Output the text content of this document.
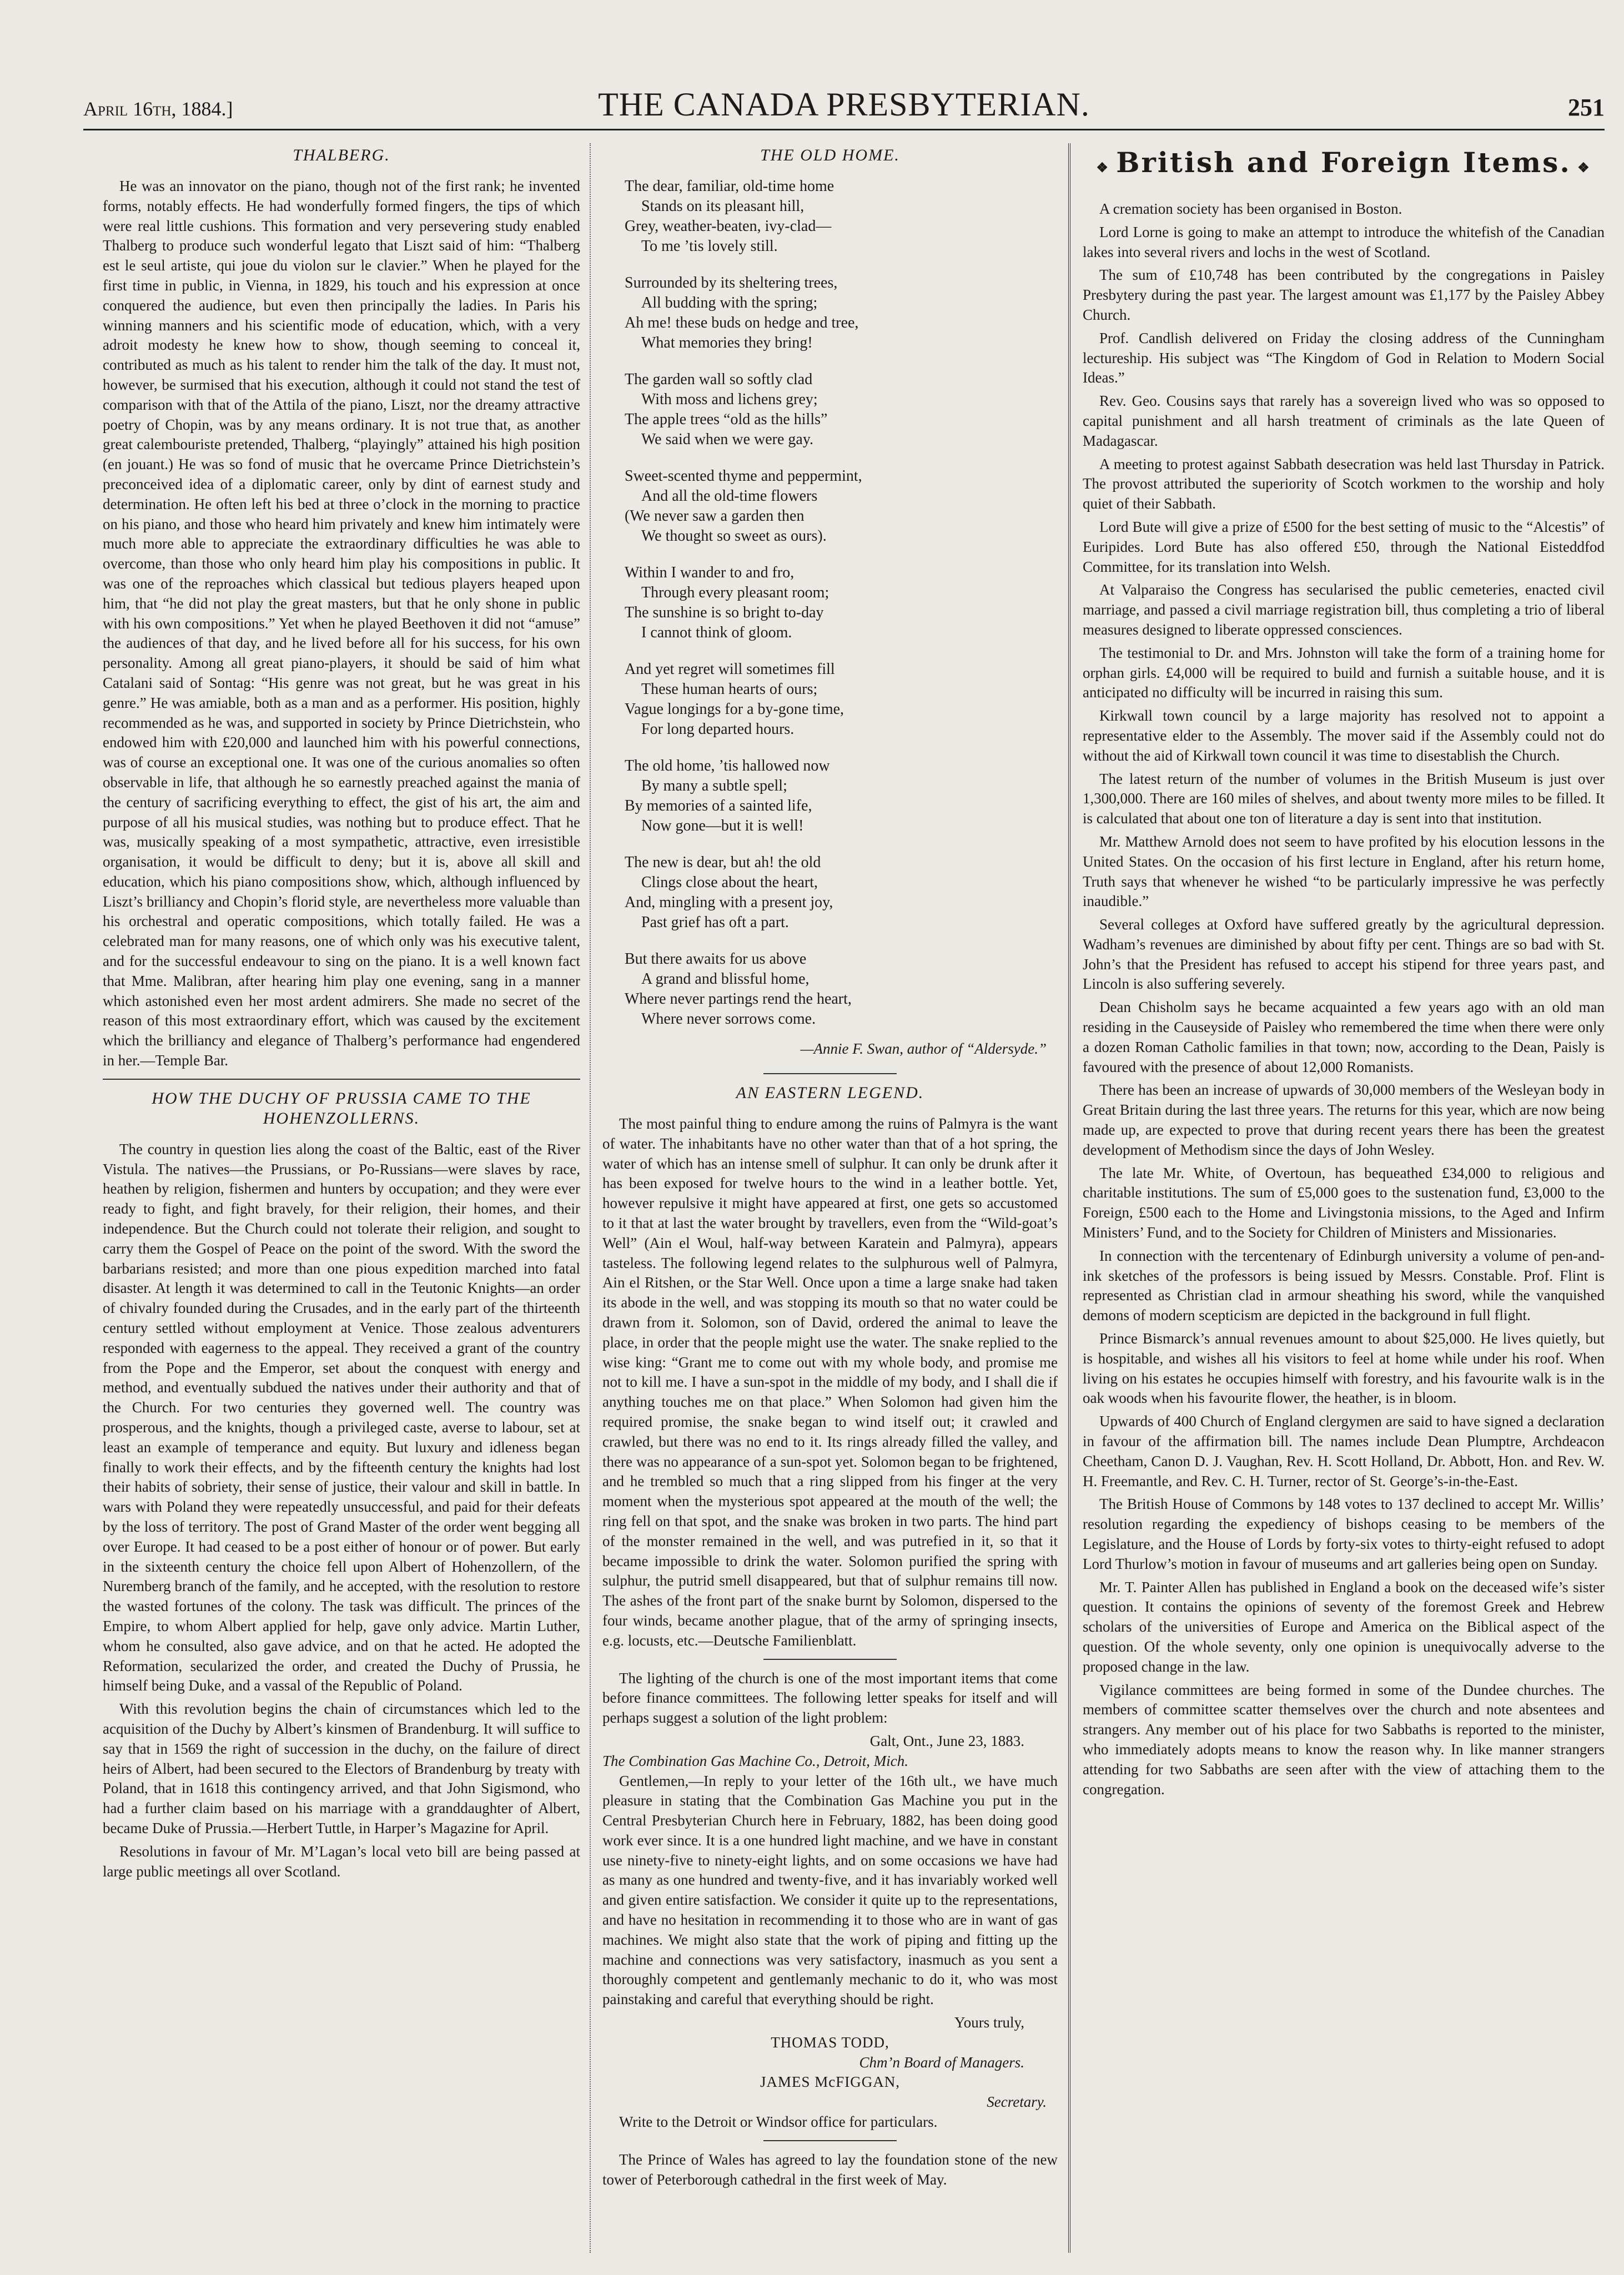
April 16th, 1884.]	THE CANADA PRESBYTERIAN.	251
THALBERG.

He was an innovator on the piano, though not of the first rank; he invented forms, notably effects. He had wonderfully formed fingers, the tips of which were real little cushions. This formation and very persevering study enabled Thalberg to produce such wonderful legato that Liszt said of him: “Thalberg est le seul artiste, qui joue du violon sur le clavier.” When he played for the first time in public, in Vienna, in 1829, his touch and his expression at once conquered the audience, but even then principally the ladies. In Paris his winning manners and his scientific mode of education, which, with a very adroit modesty he knew how to show, though seeming to conceal it, contributed as much as his talent to render him the talk of the day. It must not, however, be surmised that his execution, although it could not stand the test of comparison with that of the Attila of the piano, Liszt, nor the dreamy attractive poetry of Chopin, was by any means ordinary. It is not true that, as another great calembouriste pretended, Thalberg, “playingly” attained his high position (en jouant.) He was so fond of music that he overcame Prince Dietrichstein’s preconceived idea of a diplomatic career, only by dint of earnest study and determination. He often left his bed at three o’clock in the morning to practice on his piano, and those who heard him privately and knew him intimately were much more able to appreciate the extraordinary difficulties he was able to overcome, than those who only heard him play his compositions in public. It was one of the reproaches which classical but tedious players heaped upon him, that “he did not play the great masters, but that he only shone in public with his own compositions.” Yet when he played Beethoven it did not “amuse” the audiences of that day, and he lived before all for his success, for his own personality. Among all great piano-players, it should be said of him what Catalani said of Sontag: “His genre was not great, but he was great in his genre.” He was amiable, both as a man and as a performer. His position, highly recommended as he was, and supported in society by Prince Dietrichstein, who endowed him with £20,000 and launched him with his powerful connections, was of course an exceptional one. It was one of the curious anomalies so often observable in life, that although he so earnestly preached against the mania of the century of sacrificing everything to effect, the gist of his art, the aim and purpose of all his musical studies, was nothing but to produce effect. That he was, musically speaking of a most sympathetic, attractive, even irresistible organisation, it would be difficult to deny; but it is, above all skill and education, which his piano compositions show, which, although influenced by Liszt’s brilliancy and Chopin’s florid style, are nevertheless more valuable than his orchestral and operatic compositions, which totally failed. He was a celebrated man for many reasons, one of which only was his executive talent, and for the successful endeavour to sing on the piano. It is a well known fact that Mme. Malibran, after hearing him play one evening, sang in a manner which astonished even her most ardent admirers. She made no secret of the reason of this most extraordinary effort, which was caused by the excitement which the brilliancy and elegance of Thalberg’s performance had engendered in her.—Temple Bar.

HOW THE DUCHY OF PRUSSIA CAME TO THE HOHENZOLLERNS.

The country in question lies along the coast of the Baltic, east of the River Vistula. The natives—the Prussians, or Po-Russians—were slaves by race, heathen by religion, fishermen and hunters by occupation; and they were ever ready to fight, and fight bravely, for their religion, their homes, and their independence. But the Church could not tolerate their religion, and sought to carry them the Gospel of Peace on the point of the sword. With the sword the barbarians resisted; and more than one pious expedition marched into fatal disaster. At length it was determined to call in the Teutonic Knights—an order of chivalry founded during the Crusades, and in the early part of the thirteenth century settled without employment at Venice. Those zealous adventurers responded with eagerness to the appeal. They received a grant of the country from the Pope and the Emperor, set about the conquest with energy and method, and eventually subdued the natives under their authority and that of the Church. For two centuries they governed well. The country was prosperous, and the knights, though a privileged caste, averse to labour, set at least an example of temperance and equity. But luxury and idleness began finally to work their effects, and by the fifteenth century the knights had lost their habits of sobriety, their sense of justice, their valour and skill in battle. In wars with Poland they were repeatedly unsuccessful, and paid for their defeats by the loss of territory. The post of Grand Master of the order went begging all over Europe. It had ceased to be a post either of honour or of power. But early in the sixteenth century the choice fell upon Albert of Hohenzollern, of the Nuremberg branch of the family, and he accepted, with the resolution to restore the wasted fortunes of the colony. The task was difficult. The princes of the Empire, to whom Albert applied for help, gave only advice. Martin Luther, whom he consulted, also gave advice, and on that he acted. He adopted the Reformation, secularized the order, and created the Duchy of Prussia, he himself being Duke, and a vassal of the Republic of Poland.

With this revolution begins the chain of circumstances which led to the acquisition of the Duchy by Albert’s kinsmen of Brandenburg. It will suffice to say that in 1569 the right of succession in the duchy, on the failure of direct heirs of Albert, had been secured to the Electors of Brandenburg by treaty with Poland, that in 1618 this contingency arrived, and that John Sigismond, who had a further claim based on his marriage with a granddaughter of Albert, became Duke of Prussia.—Herbert Tuttle, in Harper’s Magazine for April.

Resolutions in favour of Mr. M’Lagan’s local veto bill are being passed at large public meetings all over Scotland.

THE OLD HOME.
The dear, familiar, old-time home
Stands on its pleasant hill,
Grey, weather-beaten, ivy-clad—
To me ’tis lovely still.
Surrounded by its sheltering trees,
All budding with the spring;
Ah me! these buds on hedge and tree,
What memories they bring!
The garden wall so softly clad
With moss and lichens grey;
The apple trees “old as the hills”
We said when we were gay.
Sweet-scented thyme and peppermint,
And all the old-time flowers
(We never saw a garden then
We thought so sweet as ours).
Within I wander to and fro,
Through every pleasant room;
The sunshine is so bright to-day
I cannot think of gloom.
And yet regret will sometimes fill
These human hearts of ours;
Vague longings for a by-gone time,
For long departed hours.
The old home, ’tis hallowed now
By many a subtle spell;
By memories of a sainted life,
Now gone—but it is well!
The new is dear, but ah! the old
Clings close about the heart,
And, mingling with a present joy,
Past grief has oft a part.
But there awaits for us above
A grand and blissful home,
Where never partings rend the heart,
Where never sorrows come.
—Annie F. Swan, author of “Aldersyde.”
AN EASTERN LEGEND.

The most painful thing to endure among the ruins of Palmyra is the want of water. The inhabitants have no other water than that of a hot spring, the water of which has an intense smell of sulphur. It can only be drunk after it has been exposed for twelve hours to the wind in a leather bottle. Yet, however repulsive it might have appeared at first, one gets so accustomed to it that at last the water brought by travellers, even from the “Wild-goat’s Well” (Ain el Woul, half-way between Karatein and Palmyra), appears tasteless. The following legend relates to the sulphurous well of Palmyra, Ain el Ritshen, or the Star Well. Once upon a time a large snake had taken its abode in the well, and was stopping its mouth so that no water could be drawn from it. Solomon, son of David, ordered the animal to leave the place, in order that the people might use the water. The snake replied to the wise king: “Grant me to come out with my whole body, and promise me not to kill me. I have a sun-spot in the middle of my body, and I shall die if anything touches me on that place.” When Solomon had given him the required promise, the snake began to wind itself out; it crawled and crawled, but there was no end to it. Its rings already filled the valley, and there was no appearance of a sun-spot yet. Solomon began to be frightened, and he trembled so much that a ring slipped from his finger at the very moment when the mysterious spot appeared at the mouth of the well; the ring fell on that spot, and the snake was broken in two parts. The hind part of the monster remained in the well, and was putrefied in it, so that it became impossible to drink the water. Solomon purified the spring with sulphur, the putrid smell disappeared, but that of sulphur remains till now. The ashes of the front part of the snake burnt by Solomon, dispersed to the four winds, became another plague, that of the army of springing insects, e.g. locusts, etc.—Deutsche Familienblatt.

The lighting of the church is one of the most important items that come before finance committees. The following letter speaks for itself and will perhaps suggest a solution of the light problem:

Galt, Ont., June 23, 1883.
The Combination Gas Machine Co., Detroit, Mich.

Gentlemen,—In reply to your letter of the 16th ult., we have much pleasure in stating that the Combination Gas Machine you put in the Central Presbyterian Church here in February, 1882, has been doing good work ever since. It is a one hundred light machine, and we have in constant use ninety-five to ninety-eight lights, and on some occasions we have had as many as one hundred and twenty-five, and it has invariably worked well and given entire satisfaction. We consider it quite up to the representations, and have no hesitation in recommending it to those who are in want of gas machines. We might also state that the work of piping and fitting up the machine and connections was very satisfactory, inasmuch as you sent a thoroughly competent and gentlemanly mechanic to do it, who was most painstaking and careful that everything should be right.

Yours truly,
THOMAS TODD,
Chm’n Board of Managers.
JAMES McFIGGAN,
Secretary.

Write to the Detroit or Windsor office for particulars.

The Prince of Wales has agreed to lay the foundation stone of the new tower of Peterborough cathedral in the first week of May.

❖ British and Foreign Items. ❖

A cremation society has been organised in Boston.

Lord Lorne is going to make an attempt to introduce the whitefish of the Canadian lakes into several rivers and lochs in the west of Scotland.

The sum of £10,748 has been contributed by the congregations in Paisley Presbytery during the past year. The largest amount was £1,177 by the Paisley Abbey Church.

Prof. Candlish delivered on Friday the closing address of the Cunningham lectureship. His subject was “The Kingdom of God in Relation to Modern Social Ideas.”

Rev. Geo. Cousins says that rarely has a sovereign lived who was so opposed to capital punishment and all harsh treatment of criminals as the late Queen of Madagascar.

A meeting to protest against Sabbath desecration was held last Thursday in Patrick. The provost attributed the superiority of Scotch workmen to the worship and holy quiet of their Sabbath.

Lord Bute will give a prize of £500 for the best setting of music to the “Alcestis” of Euripides. Lord Bute has also offered £50, through the National Eisteddfod Committee, for its translation into Welsh.

At Valparaiso the Congress has secularised the public cemeteries, enacted civil marriage, and passed a civil marriage registration bill, thus completing a trio of liberal measures designed to liberate oppressed consciences.

The testimonial to Dr. and Mrs. Johnston will take the form of a training home for orphan girls. £4,000 will be required to build and furnish a suitable house, and it is anticipated no difficulty will be incurred in raising this sum.

Kirkwall town council by a large majority has resolved not to appoint a representative elder to the Assembly. The mover said if the Assembly could not do without the aid of Kirkwall town council it was time to disestablish the Church.

The latest return of the number of volumes in the British Museum is just over 1,300,000. There are 160 miles of shelves, and about twenty more miles to be filled. It is calculated that about one ton of literature a day is sent into that institution.

Mr. Matthew Arnold does not seem to have profited by his elocution lessons in the United States. On the occasion of his first lecture in England, after his return home, Truth says that whenever he wished “to be particularly impressive he was perfectly inaudible.”

Several colleges at Oxford have suffered greatly by the agricultural depression. Wadham’s revenues are diminished by about fifty per cent. Things are so bad with St. John’s that the President has refused to accept his stipend for three years past, and Lincoln is also suffering severely.

Dean Chisholm says he became acquainted a few years ago with an old man residing in the Causeyside of Paisley who remembered the time when there were only a dozen Roman Catholic families in that town; now, according to the Dean, Paisly is favoured with the presence of about 12,000 Romanists.

There has been an increase of upwards of 30,000 members of the Wesleyan body in Great Britain during the last three years. The returns for this year, which are now being made up, are expected to prove that during recent years there has been the greatest development of Methodism since the days of John Wesley.

The late Mr. White, of Overtoun, has bequeathed £34,000 to religious and charitable institutions. The sum of £5,000 goes to the sustenation fund, £3,000 to the Foreign, £500 each to the Home and Livingstonia missions, to the Aged and Infirm Ministers’ Fund, and to the Society for Children of Ministers and Missionaries.

In connection with the tercentenary of Edinburgh university a volume of pen-and-ink sketches of the professors is being issued by Messrs. Constable. Prof. Flint is represented as Christian clad in armour sheathing his sword, while the vanquished demons of modern scepticism are depicted in the background in full flight.

Prince Bismarck’s annual revenues amount to about $25,000. He lives quietly, but is hospitable, and wishes all his visitors to feel at home while under his roof. When living on his estates he occupies himself with forestry, and his favourite walk is in the oak woods when his favourite flower, the heather, is in bloom.

Upwards of 400 Church of England clergymen are said to have signed a declaration in favour of the affirmation bill. The names include Dean Plumptre, Archdeacon Cheetham, Canon D. J. Vaughan, Rev. H. Scott Holland, Dr. Abbott, Hon. and Rev. W. H. Freemantle, and Rev. C. H. Turner, rector of St. George’s-in-the-East.

The British House of Commons by 148 votes to 137 declined to accept Mr. Willis’ resolution regarding the expediency of bishops ceasing to be members of the Legislature, and the House of Lords by forty-six votes to thirty-eight refused to adopt Lord Thurlow’s motion in favour of museums and art galleries being open on Sunday.

Mr. T. Painter Allen has published in England a book on the deceased wife’s sister question. It contains the opinions of seventy of the foremost Greek and Hebrew scholars of the universities of Europe and America on the Biblical aspect of the question. Of the whole seventy, only one opinion is unequivocally adverse to the proposed change in the law.

Vigilance committees are being formed in some of the Dundee churches. The members of committee scatter themselves over the church and note absentees and strangers. Any member out of his place for two Sabbaths is reported to the minister, who immediately adopts means to know the reason why. In like manner strangers attending for two Sabbaths are seen after with the view of attaching them to the congregation.
